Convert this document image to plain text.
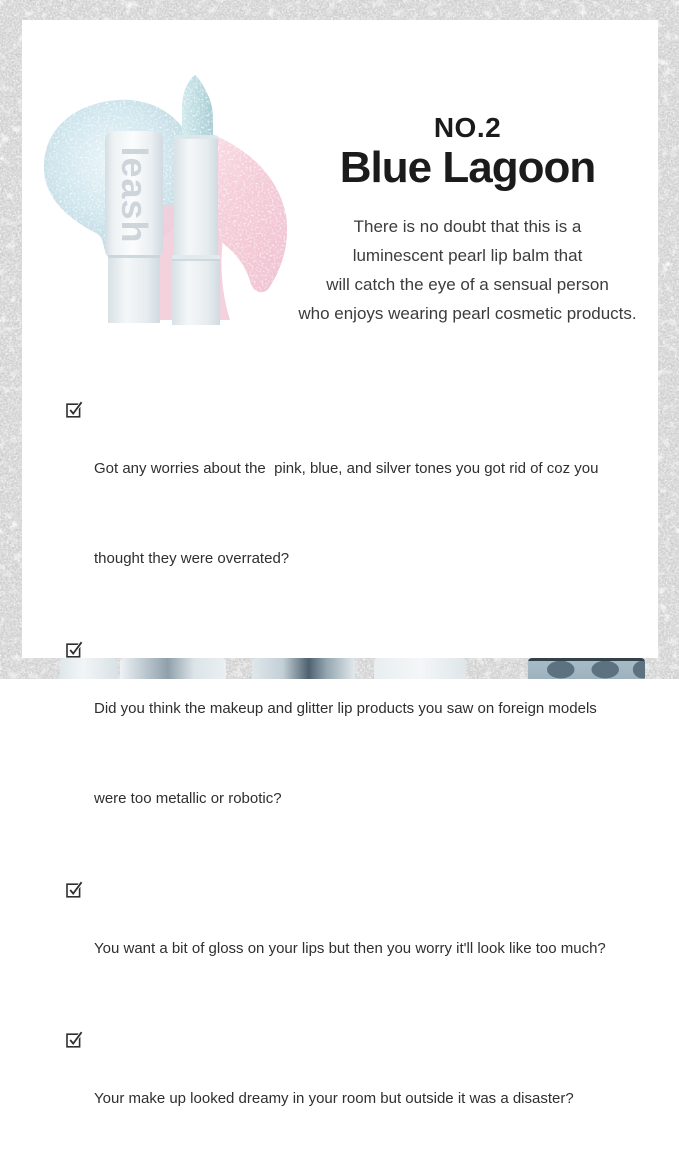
leash
NO.2
Blue Lagoon
There is no doubt that this is a
luminescent pearl lip balm that
will catch the eye of a sensual person
who enjoys wearing pearl cosmetic products.

Got any worries about the  pink, blue, and silver tones you got rid of coz you

thought they were overrated?

Did you think the makeup and glitter lip products you saw on foreign models

were too metallic or robotic?

You want a bit of gloss on your lips but then you worry it'll look like too much?

Your make up looked dreamy in your room but outside it was a disaster?
